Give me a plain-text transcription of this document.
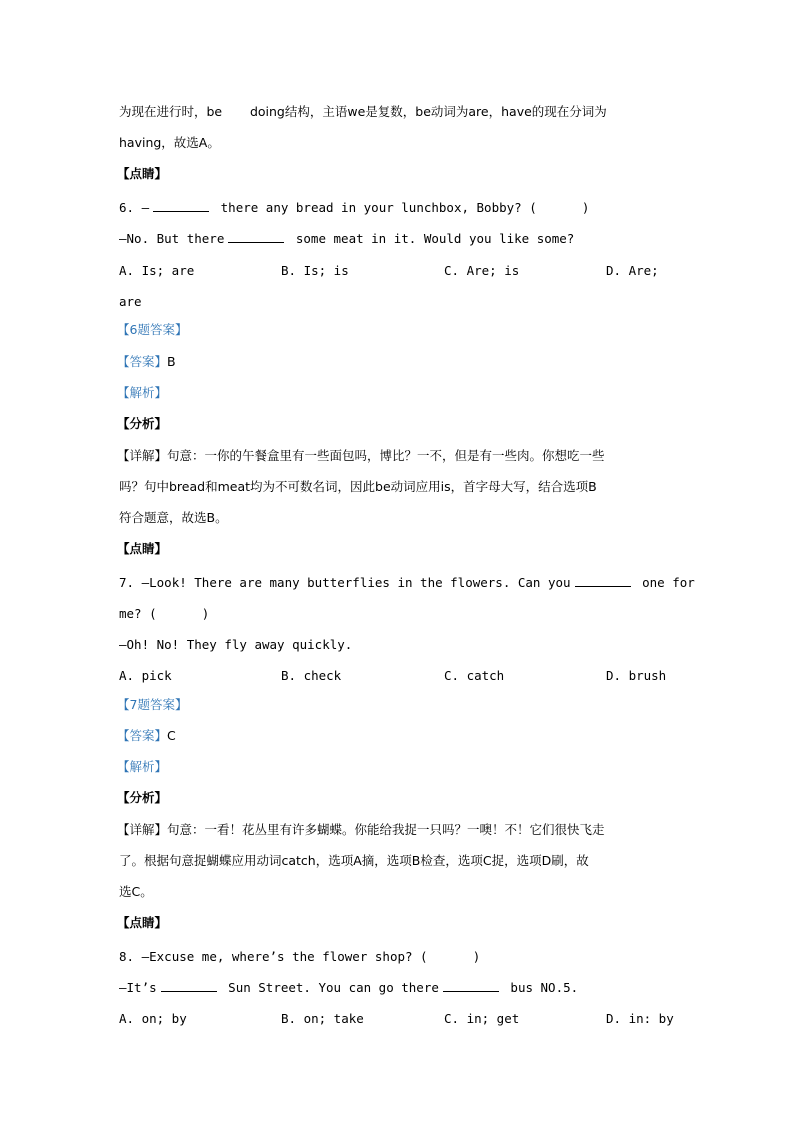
为现在进行时，be       doing结构，主语we是复数，be动词为are，have的现在分词为
having，故选A。
【点睛】
6. —	there any bread in your lunchbox, Bobby? (      )
—No. But there	some meat in it. Would you like some?
A. Is; are	B. Is; is	C. Are; is	D. Are;
are
【6题答案】
【答案】B
【解析】
【分析】
【详解】句意：一你的午餐盒里有一些面包吗，博比？一不，但是有一些肉。你想吃一些
吗？句中bread和meat均为不可数名词，因此be动词应用is，首字母大写，结合选项B
符合题意，故选B。
【点睛】
7. —Look! There are many butterflies in the flowers. Can you	one for
me? (      )
—Oh! No! They fly away quickly.
A. pick	B. check	C. catch	D. brush
【7题答案】
【答案】C
【解析】
【分析】
【详解】句意：一看！花丛里有许多蝴蝶。你能给我捉一只吗？一噢！不！它们很快飞走
了。根据句意捉蝴蝶应用动词catch，选项A摘，选项B检查，选项C捉，选项D刷，故
选C。
【点睛】
8. —Excuse me, where’s the flower shop? (      )
—It’s	Sun Street. You can go there	bus NO.5.
A. on; by	B. on; take	C. in; get	D. in: by
